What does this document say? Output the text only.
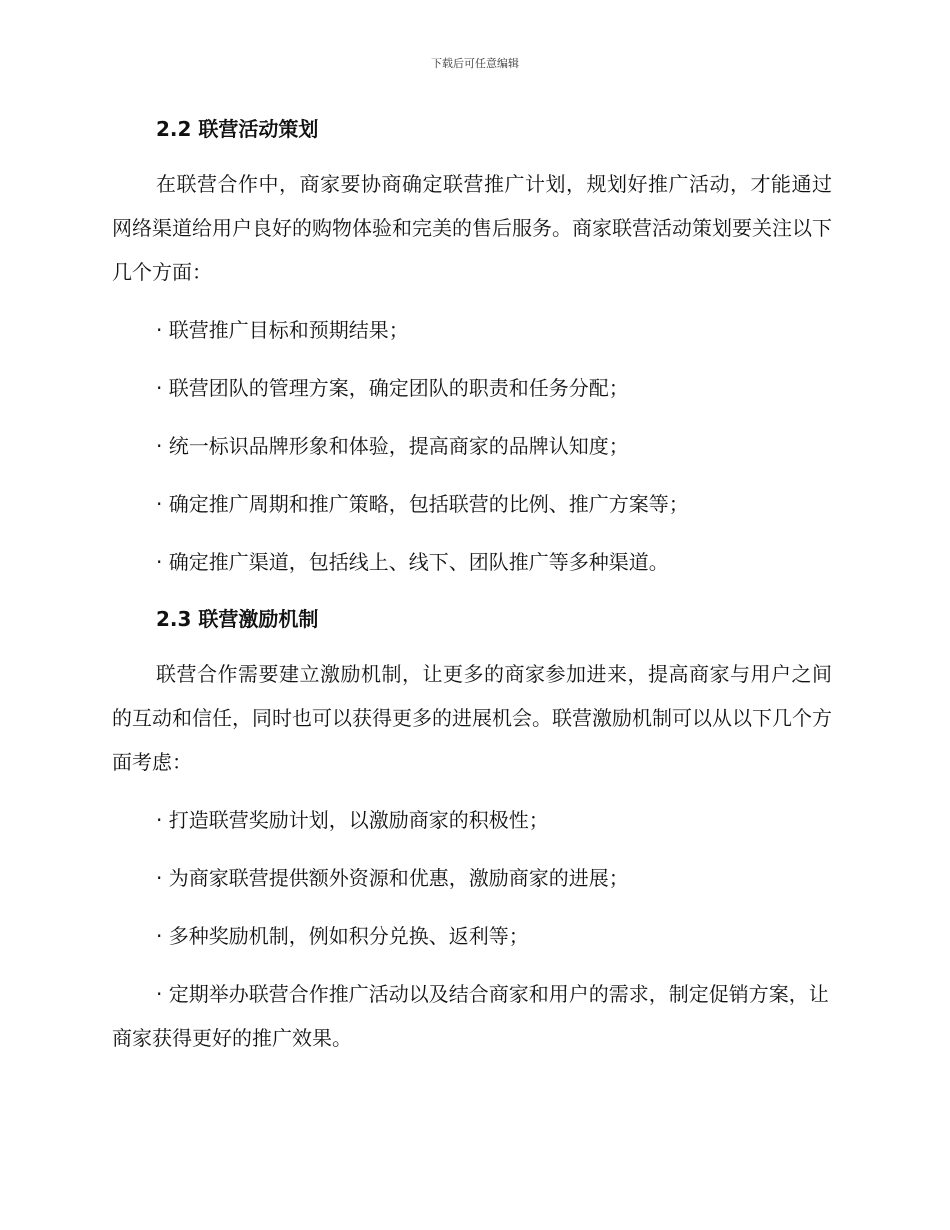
下载后可任意编辑
2.2 联营活动策划

在联营合作中，商家要协商确定联营推广计划，规划好推广活动，才能通过网络渠道给用户良好的购物体验和完美的售后服务。商家联营活动策划要关注以下几个方面：

· 联营推广目标和预期结果；

· 联营团队的管理方案，确定团队的职责和任务分配；

· 统一标识品牌形象和体验，提高商家的品牌认知度；

· 确定推广周期和推广策略，包括联营的比例、推广方案等；

· 确定推广渠道，包括线上、线下、团队推广等多种渠道。

2.3 联营激励机制

联营合作需要建立激励机制，让更多的商家参加进来，提高商家与用户之间的互动和信任，同时也可以获得更多的进展机会。联营激励机制可以从以下几个方面考虑：

· 打造联营奖励计划，以激励商家的积极性；

· 为商家联营提供额外资源和优惠，激励商家的进展；

· 多种奖励机制，例如积分兑换、返利等；

· 定期举办联营合作推广活动以及结合商家和用户的需求，制定促销方案，让商家获得更好的推广效果。
